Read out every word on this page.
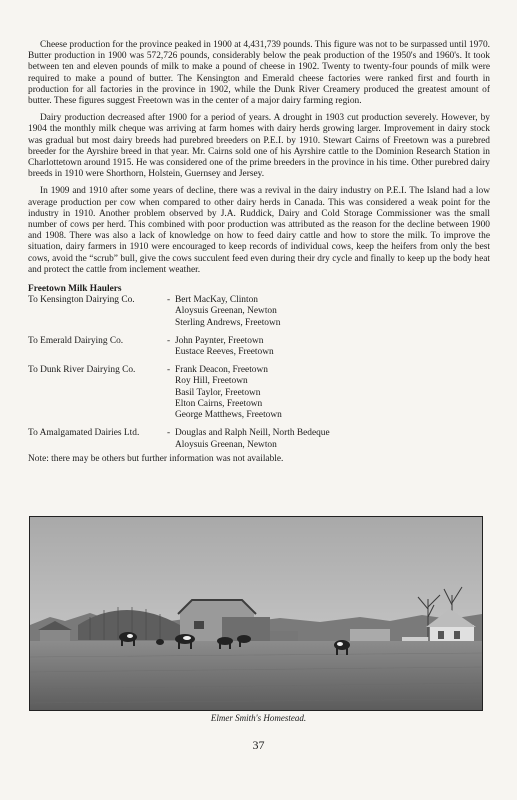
Cheese production for the province peaked in 1900 at 4,431,739 pounds. This figure was not to be surpassed until 1970. Butter production in 1900 was 572,726 pounds, considerably below the peak production of the 1950's and 1960's. It took between ten and eleven pounds of milk to make a pound of cheese in 1902. Twenty to twenty-four pounds of milk were required to make a pound of butter. The Kensington and Emerald cheese factories were ranked first and fourth in production for all factories in the province in 1902, while the Dunk River Creamery produced the greatest amount of butter. These figures suggest Freetown was in the center of a major dairy farming region.

Dairy production decreased after 1900 for a period of years. A drought in 1903 cut production severely. However, by 1904 the monthly milk cheque was arriving at farm homes with dairy herds growing larger. Improvement in dairy stock was gradual but most dairy breeds had purebred breeders on P.E.I. by 1910. Stewart Cairns of Freetown was a purebred breeder for the Ayrshire breed in that year. Mr. Cairns sold one of his Ayrshire cattle to the Dominion Research Station in Charlottetown around 1915. He was considered one of the prime breeders in the province in his time. Other purebred dairy breeds in 1910 were Shorthorn, Holstein, Guernsey and Jersey.

In 1909 and 1910 after some years of decline, there was a revival in the dairy industry on P.E.I. The Island had a low average production per cow when compared to other dairy herds in Canada. This was considered a weak point for the industry in 1910. Another problem observed by J.A. Ruddick, Dairy and Cold Storage Commissioner was the small number of cows per herd. This combined with poor production was attributed as the reason for the decline between 1900 and 1908. There was also a lack of knowledge on how to feed dairy cattle and how to store the milk. To improve the situation, dairy farmers in 1910 were encouraged to keep records of individual cows, keep the heifers from only the best cows, avoid the “scrub” bull, give the cows succulent feed even during their dry cycle and finally to keep up the body heat and protect the cattle from inclement weather.

Freetown Milk Haulers
To Kensington Dairying Co.	- Bert MacKay, Clinton
Aloysuis Greenan, Newton
Sterling Andrews, Freetown
To Emerald Dairying Co.	- John Paynter, Freetown
Eustace Reeves, Freetown
To Dunk River Dairying Co.	- Frank Deacon, Freetown
Roy Hill, Freetown
Basil Taylor, Freetown
Elton Cairns, Freetown
George Matthews, Freetown
To Amalgamated Dairies Ltd.	- Douglas and Ralph Neill, North Bedeque
Aloysuis Greenan, Newton
Note: there may be others but further information was not available.
Elmer Smith's Homestead.
37
